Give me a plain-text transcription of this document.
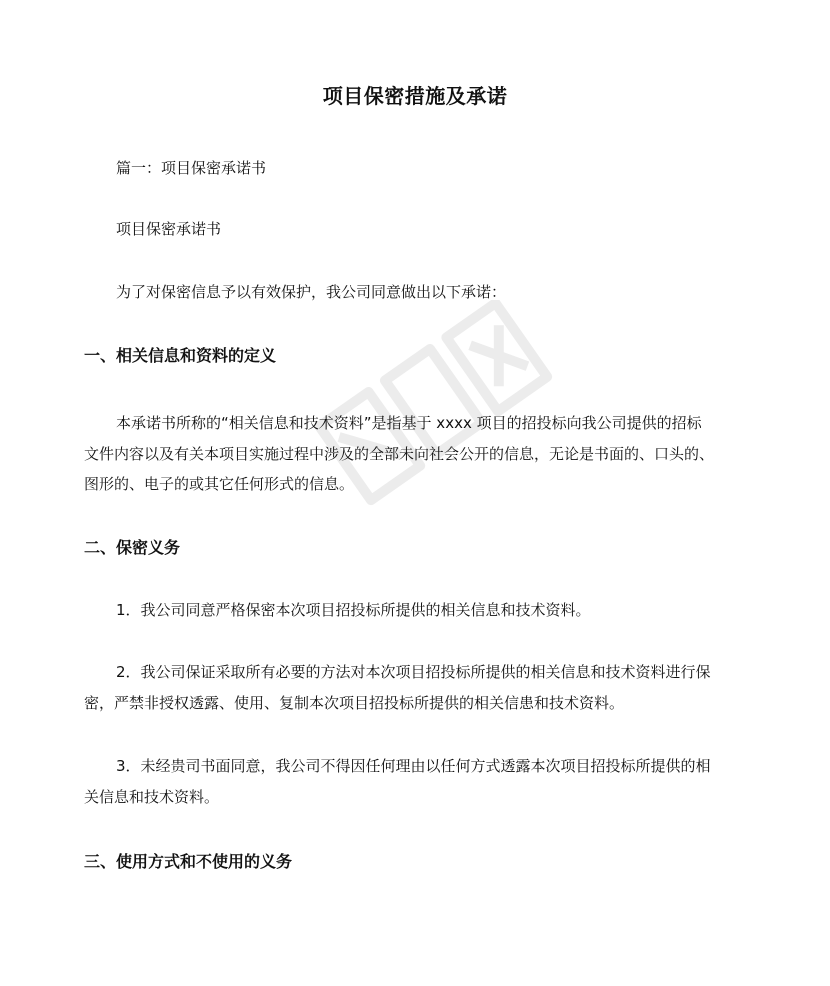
项目保密措施及承诺
篇一：项目保密承诺书
项目保密承诺书
为了对保密信息予以有效保护，我公司同意做出以下承诺：
一、相关信息和资料的定义
本承诺书所称的“相关信息和技术资料”是指基于 xxxx 项目的招投标向我公司提供的招标
文件内容以及有关本项目实施过程中涉及的全部未向社会公开的信息，无论是书面的、口头的、
图形的、电子的或其它任何形式的信息。
二、保密义务
1．我公司同意严格保密本次项目招投标所提供的相关信息和技术资料。
2．我公司保证采取所有必要的方法对本次项目招投标所提供的相关信息和技术资料进行保
密，严禁非授权透露、使用、复制本次项目招投标所提供的相关信患和技术资料。
3．未经贵司书面同意，我公司不得因任何理由以任何方式透露本次项目招投标所提供的相
关信息和技术资料。
三、使用方式和不使用的义务
